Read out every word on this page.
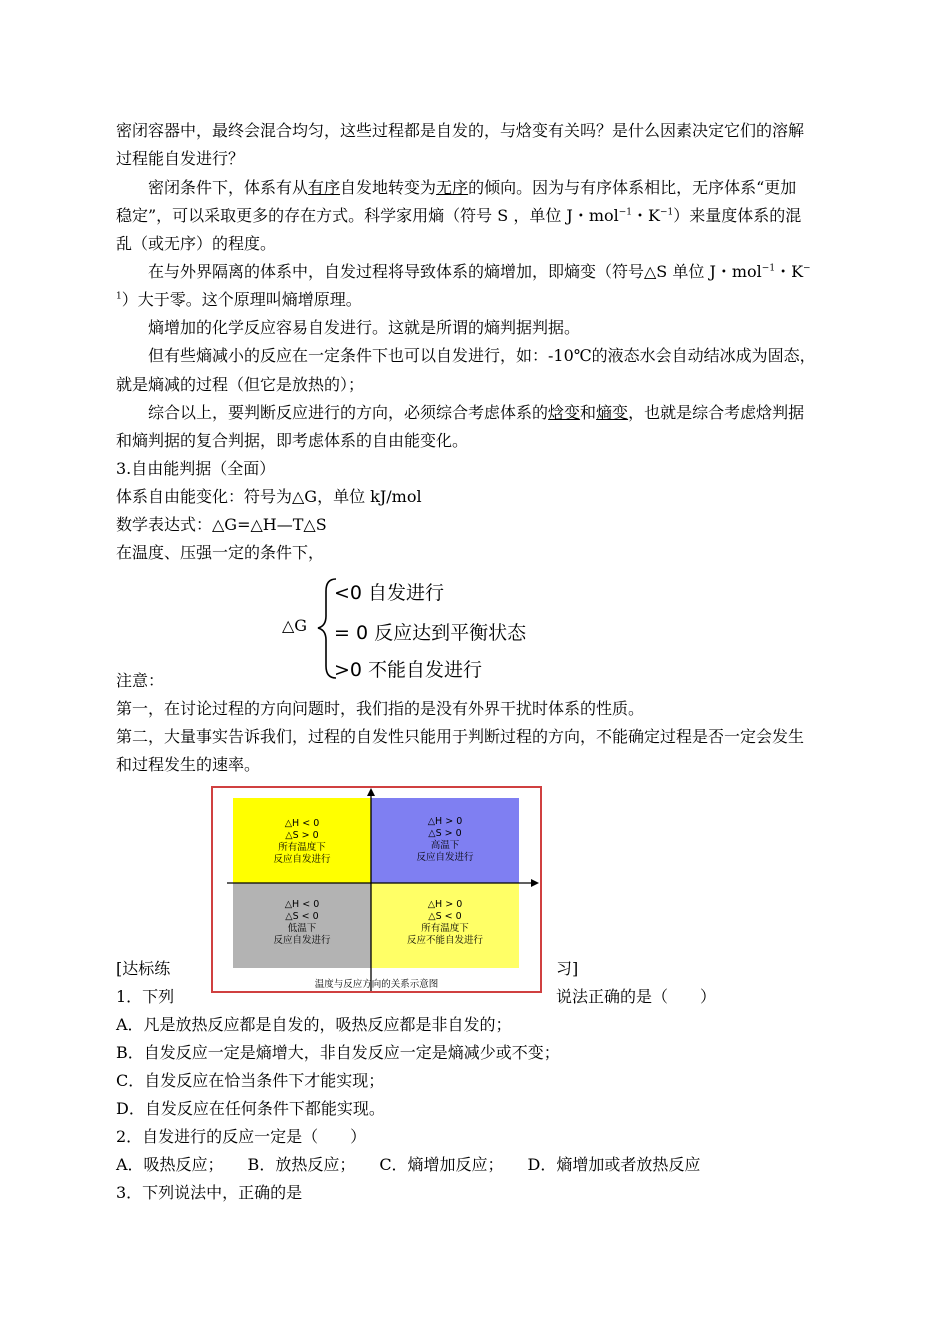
密闭容器中，最终会混合均匀，这些过程都是自发的，与焓变有关吗？是什么因素决定它们的溶解
过程能自发进行？
密闭条件下，体系有从有序自发地转变为无序的倾向。因为与有序体系相比，无序体系“更加
稳定”，可以采取更多的存在方式。科学家用熵（符号 S ，单位 J・mol$^{-1}$・$K^{-1}$）来量度体系的混
乱（或无序）的程度。
在与外界隔离的体系中，自发过程将导致体系的熵增加，即熵变（符号△S 单位 J・mol$^{-1}$・K−
$^1$）大于零。这个原理叫熵增原理。
熵增加的化学反应容易自发进行。这就是所谓的熵判据判据。
但有些熵减小的反应在一定条件下也可以自发进行，如：-10℃的液态水会自动结冰成为固态，
就是熵减的过程（但它是放热的）；
综合以上，要判断反应进行的方向，必须综合考虑体系的焓变和熵变，也就是综合考虑焓判据
和熵判据的复合判据，即考虑体系的自由能变化。
3.自由能判据（全面）
体系自由能变化：符号为△G，单位 kJ/mol
数学表达式：△G=△H—T△S
在温度、压强一定的条件下，
△G
<0 自发进行
= 0 反应达到平衡状态
>0 不能自发进行
注意：
第一，在讨论过程的方向问题时，我们指的是没有外界干扰时体系的性质。
第二，大量事实告诉我们，过程的自发性只能用于判断过程的方向，不能确定过程是否一定会发生
和过程发生的速率。
△H < 0
△S > 0
所有温度下
反应自发进行
△H > 0
△S > 0
高温下
反应自发进行
△H < 0
△S < 0
低温下
反应自发进行
△H > 0
△S < 0
所有温度下
反应不能自发进行
温度与反应方向的关系示意图
[达标练	习]
1．下列	说法正确的是（　　）
A．凡是放热反应都是自发的，吸热反应都是非自发的；
B．自发反应一定是熵增大，非自发反应一定是熵减少或不变；
C．自发反应在恰当条件下才能实现；
D．自发反应在任何条件下都能实现。
2．自发进行的反应一定是（　　）
A．吸热反应；　　B．放热反应；　　C．熵增加反应；　　D．熵增加或者放热反应
3．下列说法中，正确的是
